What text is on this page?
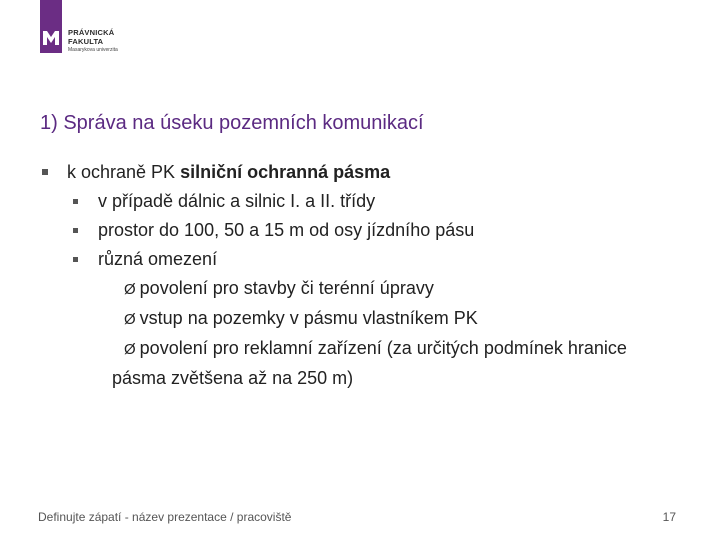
PRÁVNICKÁ
FAKULTA
Masarykova univerzita
1) Správa na úseku pozemních komunikací
k ochraně PK silniční ochranná pásma
v případě dálnic a silnic I. a II. třídy
prostor do 100, 50 a 15 m od osy jízdního pásu
různá omezení
Ø povolení pro stavby či terénní úpravy
Ø vstup na pozemky v pásmu vlastníkem PK
Ø povolení pro reklamní zařízení (za určitých podmínek hranice pásma zvětšena až na 250 m)
Definujte zápatí - název prezentace / pracoviště	17
